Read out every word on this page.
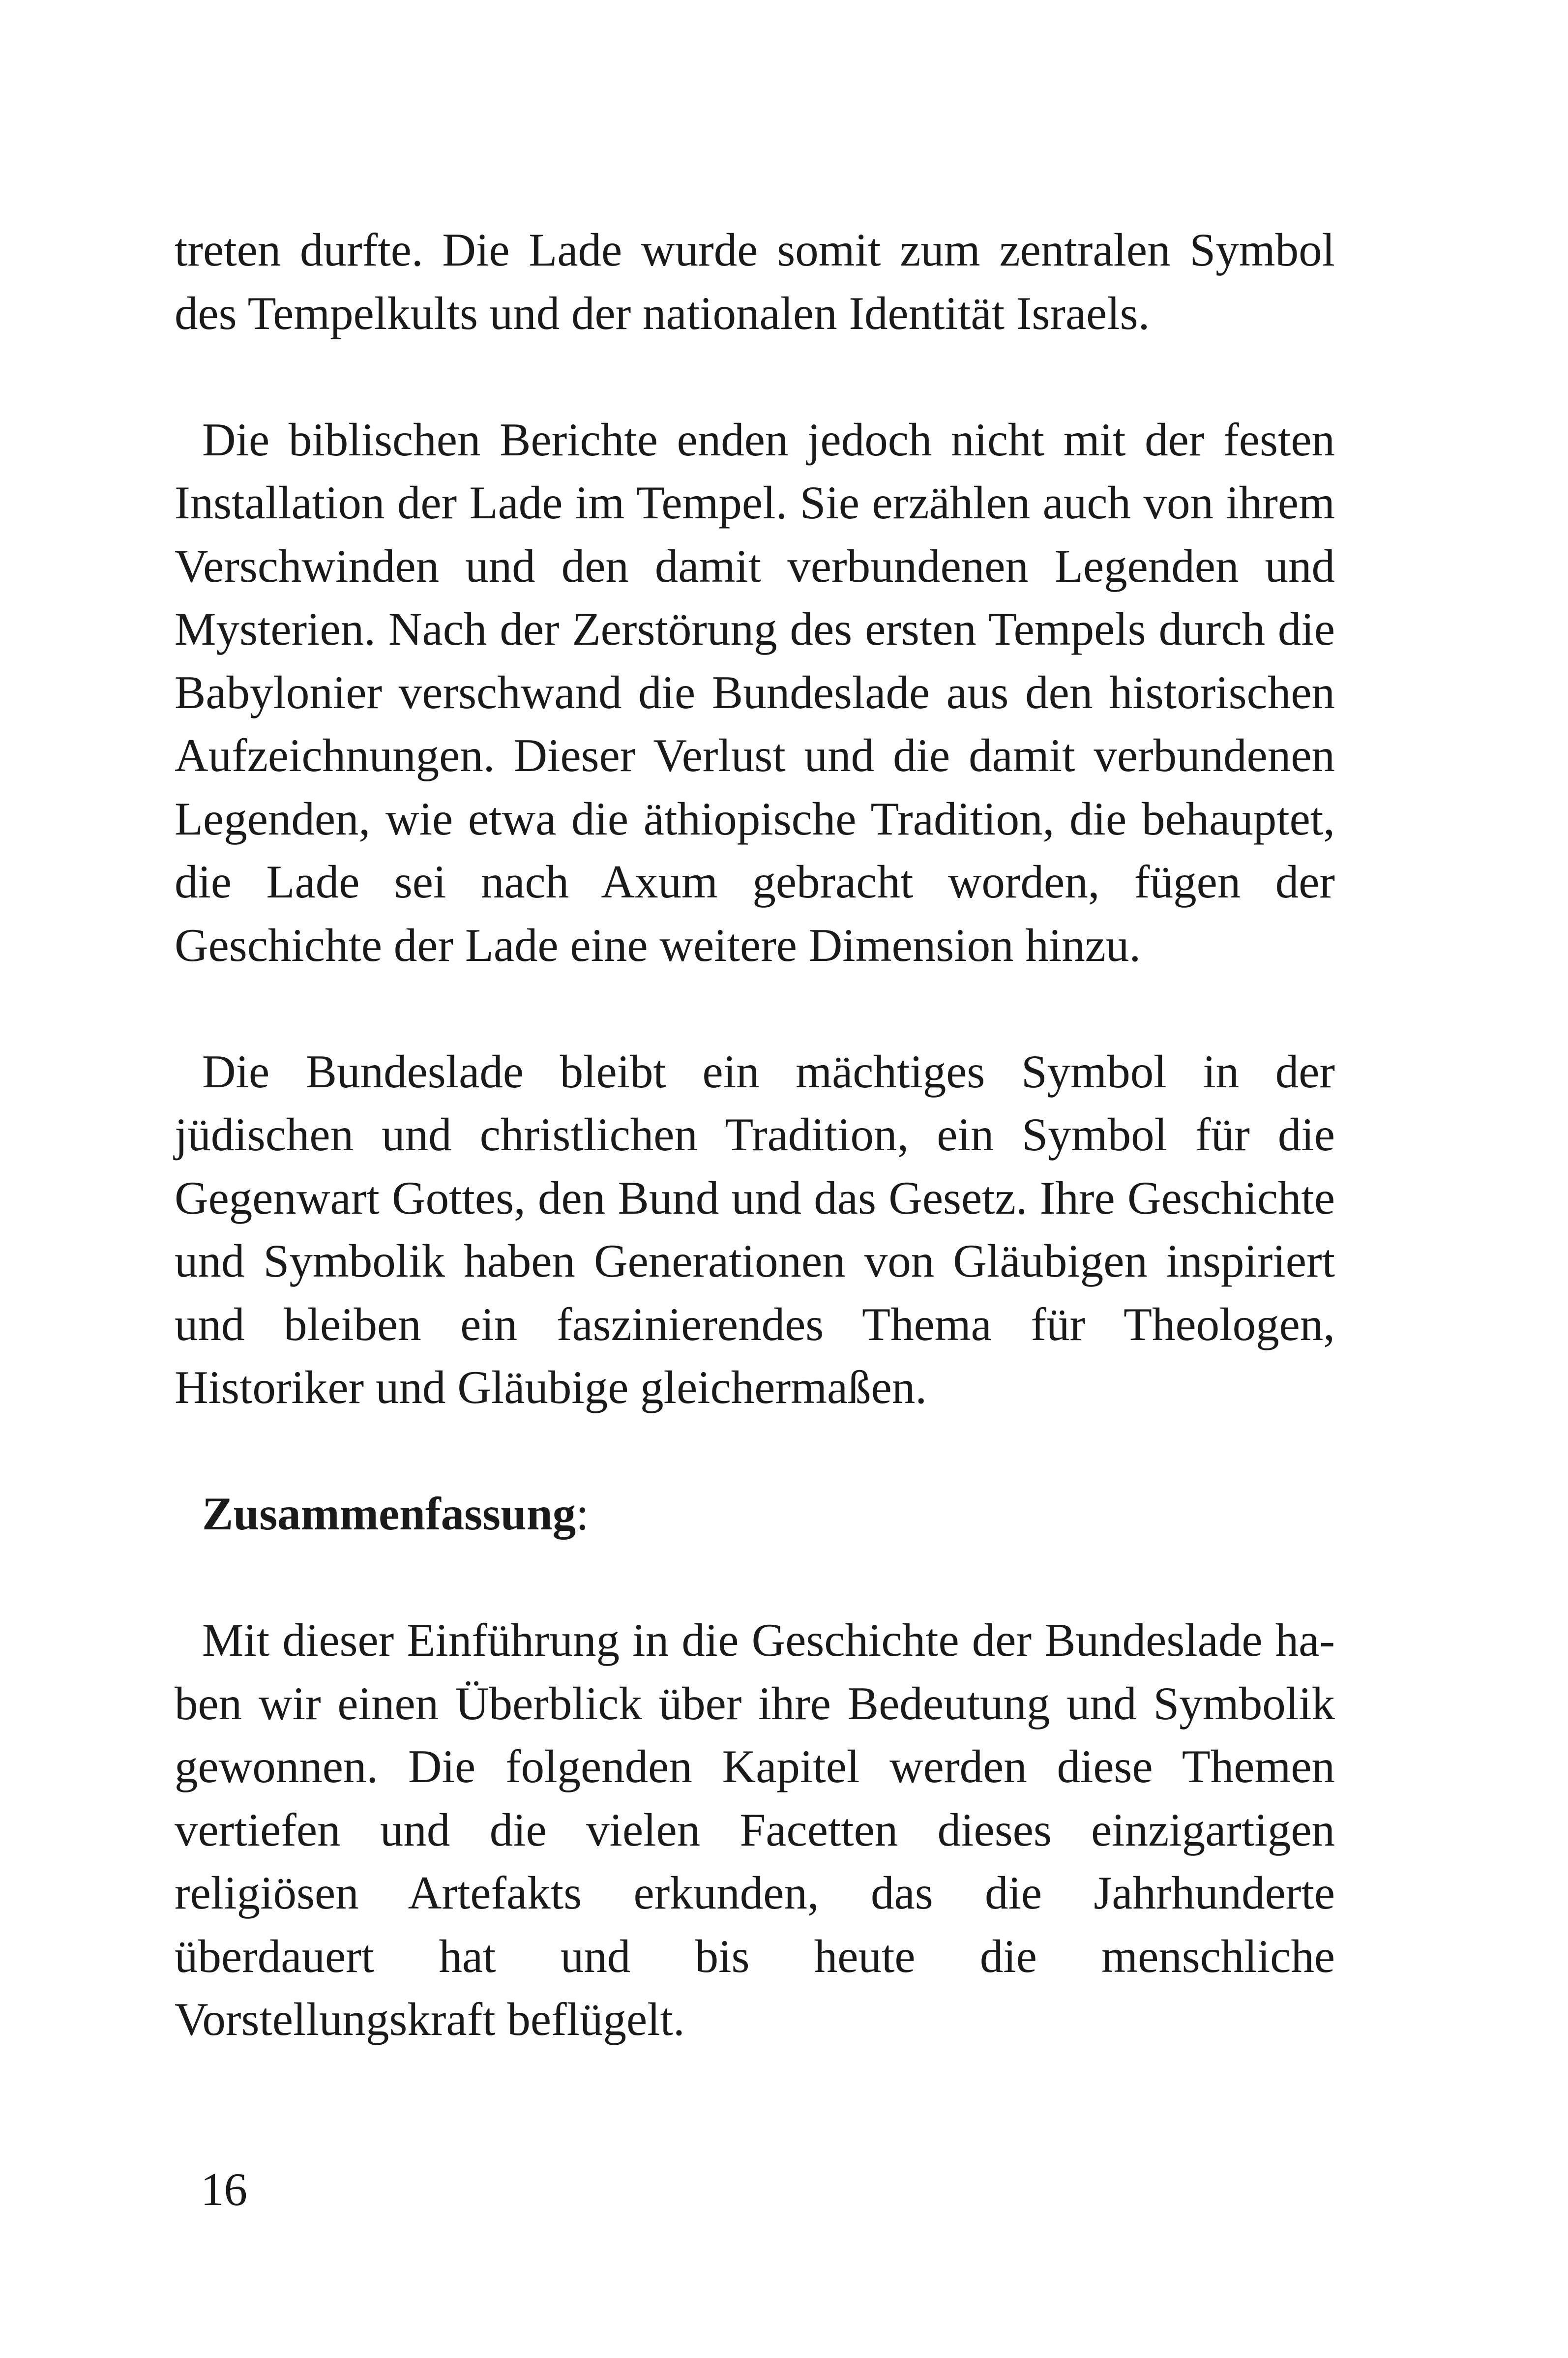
treten durfte. Die Lade wurde somit zum zentralen Symbol des Tempelkults und der nationalen Identität Israels.

Die biblischen Berichte enden jedoch nicht mit der festen Installation der Lade im Tempel. Sie erzählen auch von ihrem Verschwinden und den damit verbundenen Legenden und Mysterien. Nach der Zerstörung des ersten Tempels durch die Babylonier verschwand die Bundeslade aus den historischen Aufzeichnungen. Dieser Verlust und die damit verbundenen Legenden, wie etwa die äthiopische Tradition, die behauptet, die Lade sei nach Axum gebracht worden, fügen der Geschichte der Lade eine weitere Dimension hinzu.

Die Bundeslade bleibt ein mächtiges Symbol in der jüdischen und christlichen Tradition, ein Symbol für die Gegenwart Gottes, den Bund und das Gesetz. Ihre Geschichte und Symbolik haben Generationen von Gläubigen inspiriert und bleiben ein faszinierendes Thema für Theologen, Historiker und Gläubige gleichermaßen.

Zusammenfassung:

Mit dieser Einführung in die Geschichte der Bundeslade haben wir einen Überblick über ihre Bedeutung und Symbolik gewonnen. Die folgenden Kapitel werden diese Themen vertiefen und die vielen Facetten dieses einzigartigen religiösen Artefakts erkunden, das die Jahrhunderte überdauert hat und bis heute die menschliche Vorstellungskraft beflügelt.

16
